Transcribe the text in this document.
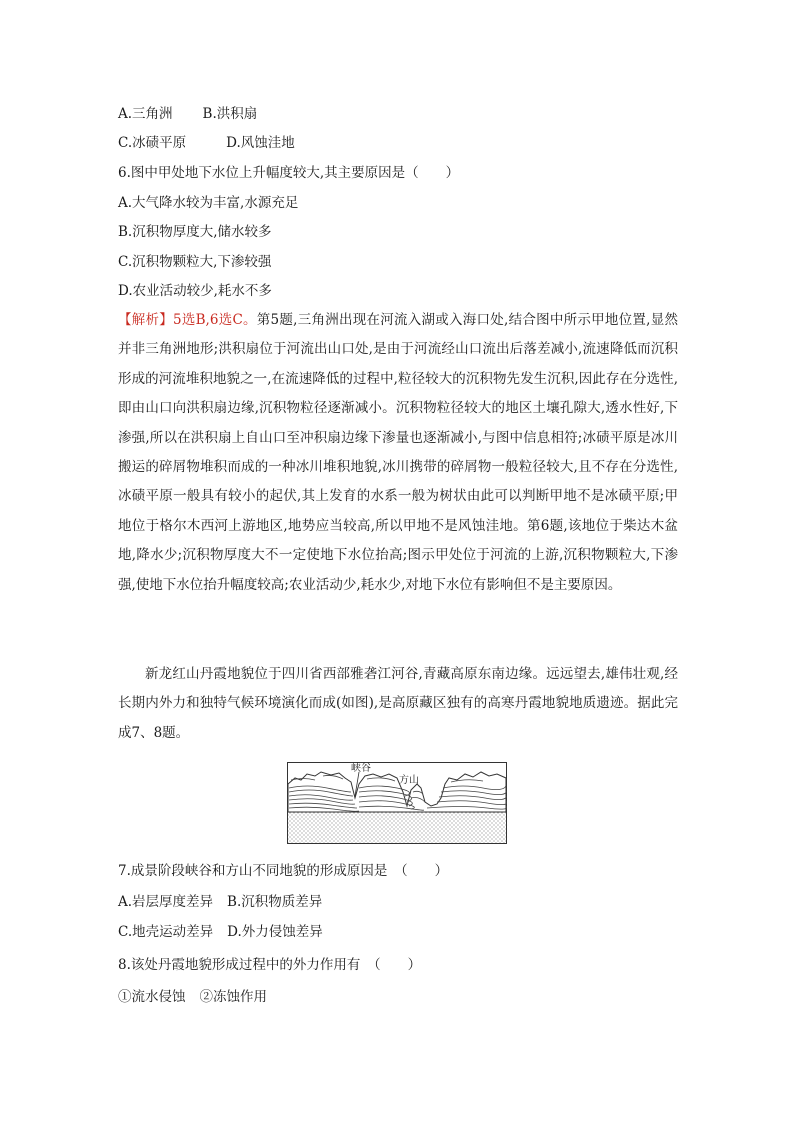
A.三角洲 B.洪积扇
C.冰碛平原	D.风蚀洼地
6.图中甲处地下水位上升幅度较大,其主要原因是（　　）
A.大气降水较为丰富,水源充足
B.沉积物厚度大,储水较多
C.沉积物颗粒大,下渗较强
D.农业活动较少,耗水不多
【解析】5选B,6选C。第5题,三角洲出现在河流入湖或入海口处,结合图中所示甲地位置,显然并非三角洲地形;洪积扇位于河流出山口处,是由于河流经山口流出后落差减小,流速降低而沉积形成的河流堆积地貌之一,在流速降低的过程中,粒径较大的沉积物先发生沉积,因此存在分选性,即由山口向洪积扇边缘,沉积物粒径逐渐减小。沉积物粒径较大的地区土壤孔隙大,透水性好,下渗强,所以在洪积扇上自山口至冲积扇边缘下渗量也逐渐减小,与图中信息相符;冰碛平原是冰川搬运的碎屑物堆积而成的一种冰川堆积地貌,冰川携带的碎屑物一般粒径较大,且不存在分选性,冰碛平原一般具有较小的起伏,其上发育的水系一般为树状由此可以判断甲地不是冰碛平原;甲地位于格尔木西河上游地区,地势应当较高,所以甲地不是风蚀洼地。第6题,该地位于柴达木盆地,降水少;沉积物厚度大不一定使地下水位抬高;图示甲处位于河流的上游,沉积物颗粒大,下渗强,使地下水位抬升幅度较高;农业活动少,耗水少,对地下水位有影响但不是主要原因。
新龙红山丹霞地貌位于四川省西部雅砻江河谷,青藏高原东南边缘。远远望去,雄伟壮观,经长期内外力和独特气候环境演化而成(如图),是高原藏区独有的高寒丹霞地貌地质遗迹。据此完成7、8题。
峡谷
方山
7.成景阶段峡谷和方山不同地貌的形成原因是　（　　）
A.岩层厚度差异 B.沉积物质差异
C.地壳运动差异 D.外力侵蚀差异
8.该处丹霞地貌形成过程中的外力作用有　（　　）
①流水侵蚀 ②冻蚀作用
